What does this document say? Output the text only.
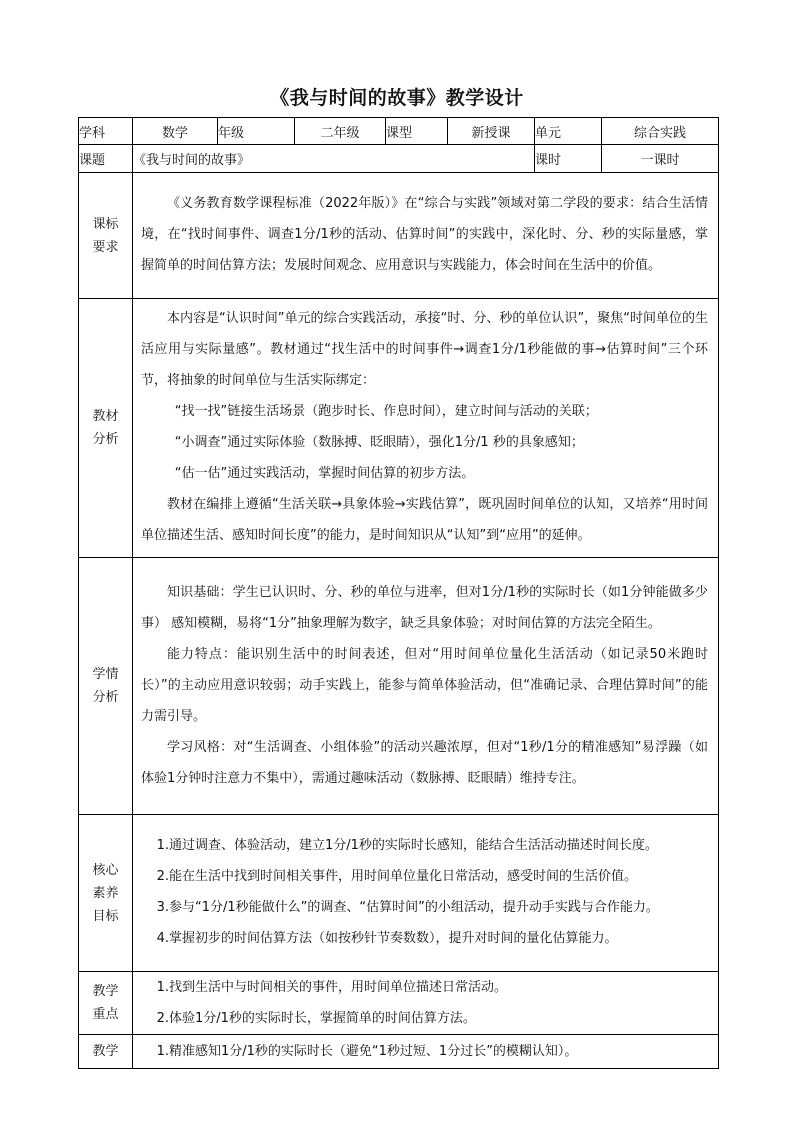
《我与时间的故事》教学设计
学科	数学	年级	二年级	课型	新授课	单元	综合实践
课题	《我与时间的故事》					课时	一课时

课标要求	《义务教育数学课程标准（2022年版）》在“综合与实践”领域对第二学段的要求：结合生活情境，在“找时间事件、调查1分/1秒的活动、估算时间”的实践中，深化时、分、秒的实际量感，掌握简单的时间估算方法；发展时间观念、应用意识与实践能力，体会时间在生活中的价值。						

教材分析	本内容是“认识时间”单元的综合实践活动，承接“时、分、秒的单位认识”，聚焦“时间单位的生活应用与实际量感”。教材通过“找生活中的时间事件→调查1分/1秒能做的事→估算时间”三个环节，将抽象的时间单位与生活实际绑定：

“找一找”链接生活场景（跑步时长、作息时间），建立时间与活动的关联；

“小调查”通过实际体验（数脉搏、眨眼睛），强化1分/1 秒的具象感知；

“估一估”通过实践活动，掌握时间估算的初步方法。

教材在编排上遵循“生活关联→具象体验→实践估算”，既巩固时间单位的认知，又培养“用时间单位描述生活、感知时间长度”的能力，是时间知识从“认知”到“应用”的延伸。						

学情分析	知识基础：学生已认识时、分、秒的单位与进率，但对1分/1秒的实际时长（如1分钟能做多少事） 感知模糊，易将“1分”抽象理解为数字，缺乏具象体验；对时间估算的方法完全陌生。

能力特点：能识别生活中的时间表述，但对“用时间单位量化生活活动（如记录50米跑时长）”的主动应用意识较弱；动手实践上，能参与简单体验活动，但“准确记录、合理估算时间”的能力需引导。

学习风格：对“生活调查、小组体验”的活动兴趣浓厚，但对“1秒/1分的精准感知”易浮躁（如体验1分钟时注意力不集中），需通过趣味活动（数脉搏、眨眼睛）维持专注。						

核心素养目标	1.通过调查、体验活动，建立1分/1秒的实际时长感知，能结合生活活动描述时间长度。

2.能在生活中找到时间相关事件，用时间单位量化日常活动，感受时间的生活价值。

3.参与“1分/1秒能做什么”的调查、“估算时间”的小组活动，提升动手实践与合作能力。

4.掌握初步的时间估算方法（如按秒针节奏数数），提升对时间的量化估算能力。						

教学重点	1.找到生活中与时间相关的事件，用时间单位描述日常活动。

2.体验1分/1秒的实际时长，掌握简单的时间估算方法。						

教学	1.精准感知1分/1秒的实际时长（避免“1秒过短、1分过长”的模糊认知）。						
